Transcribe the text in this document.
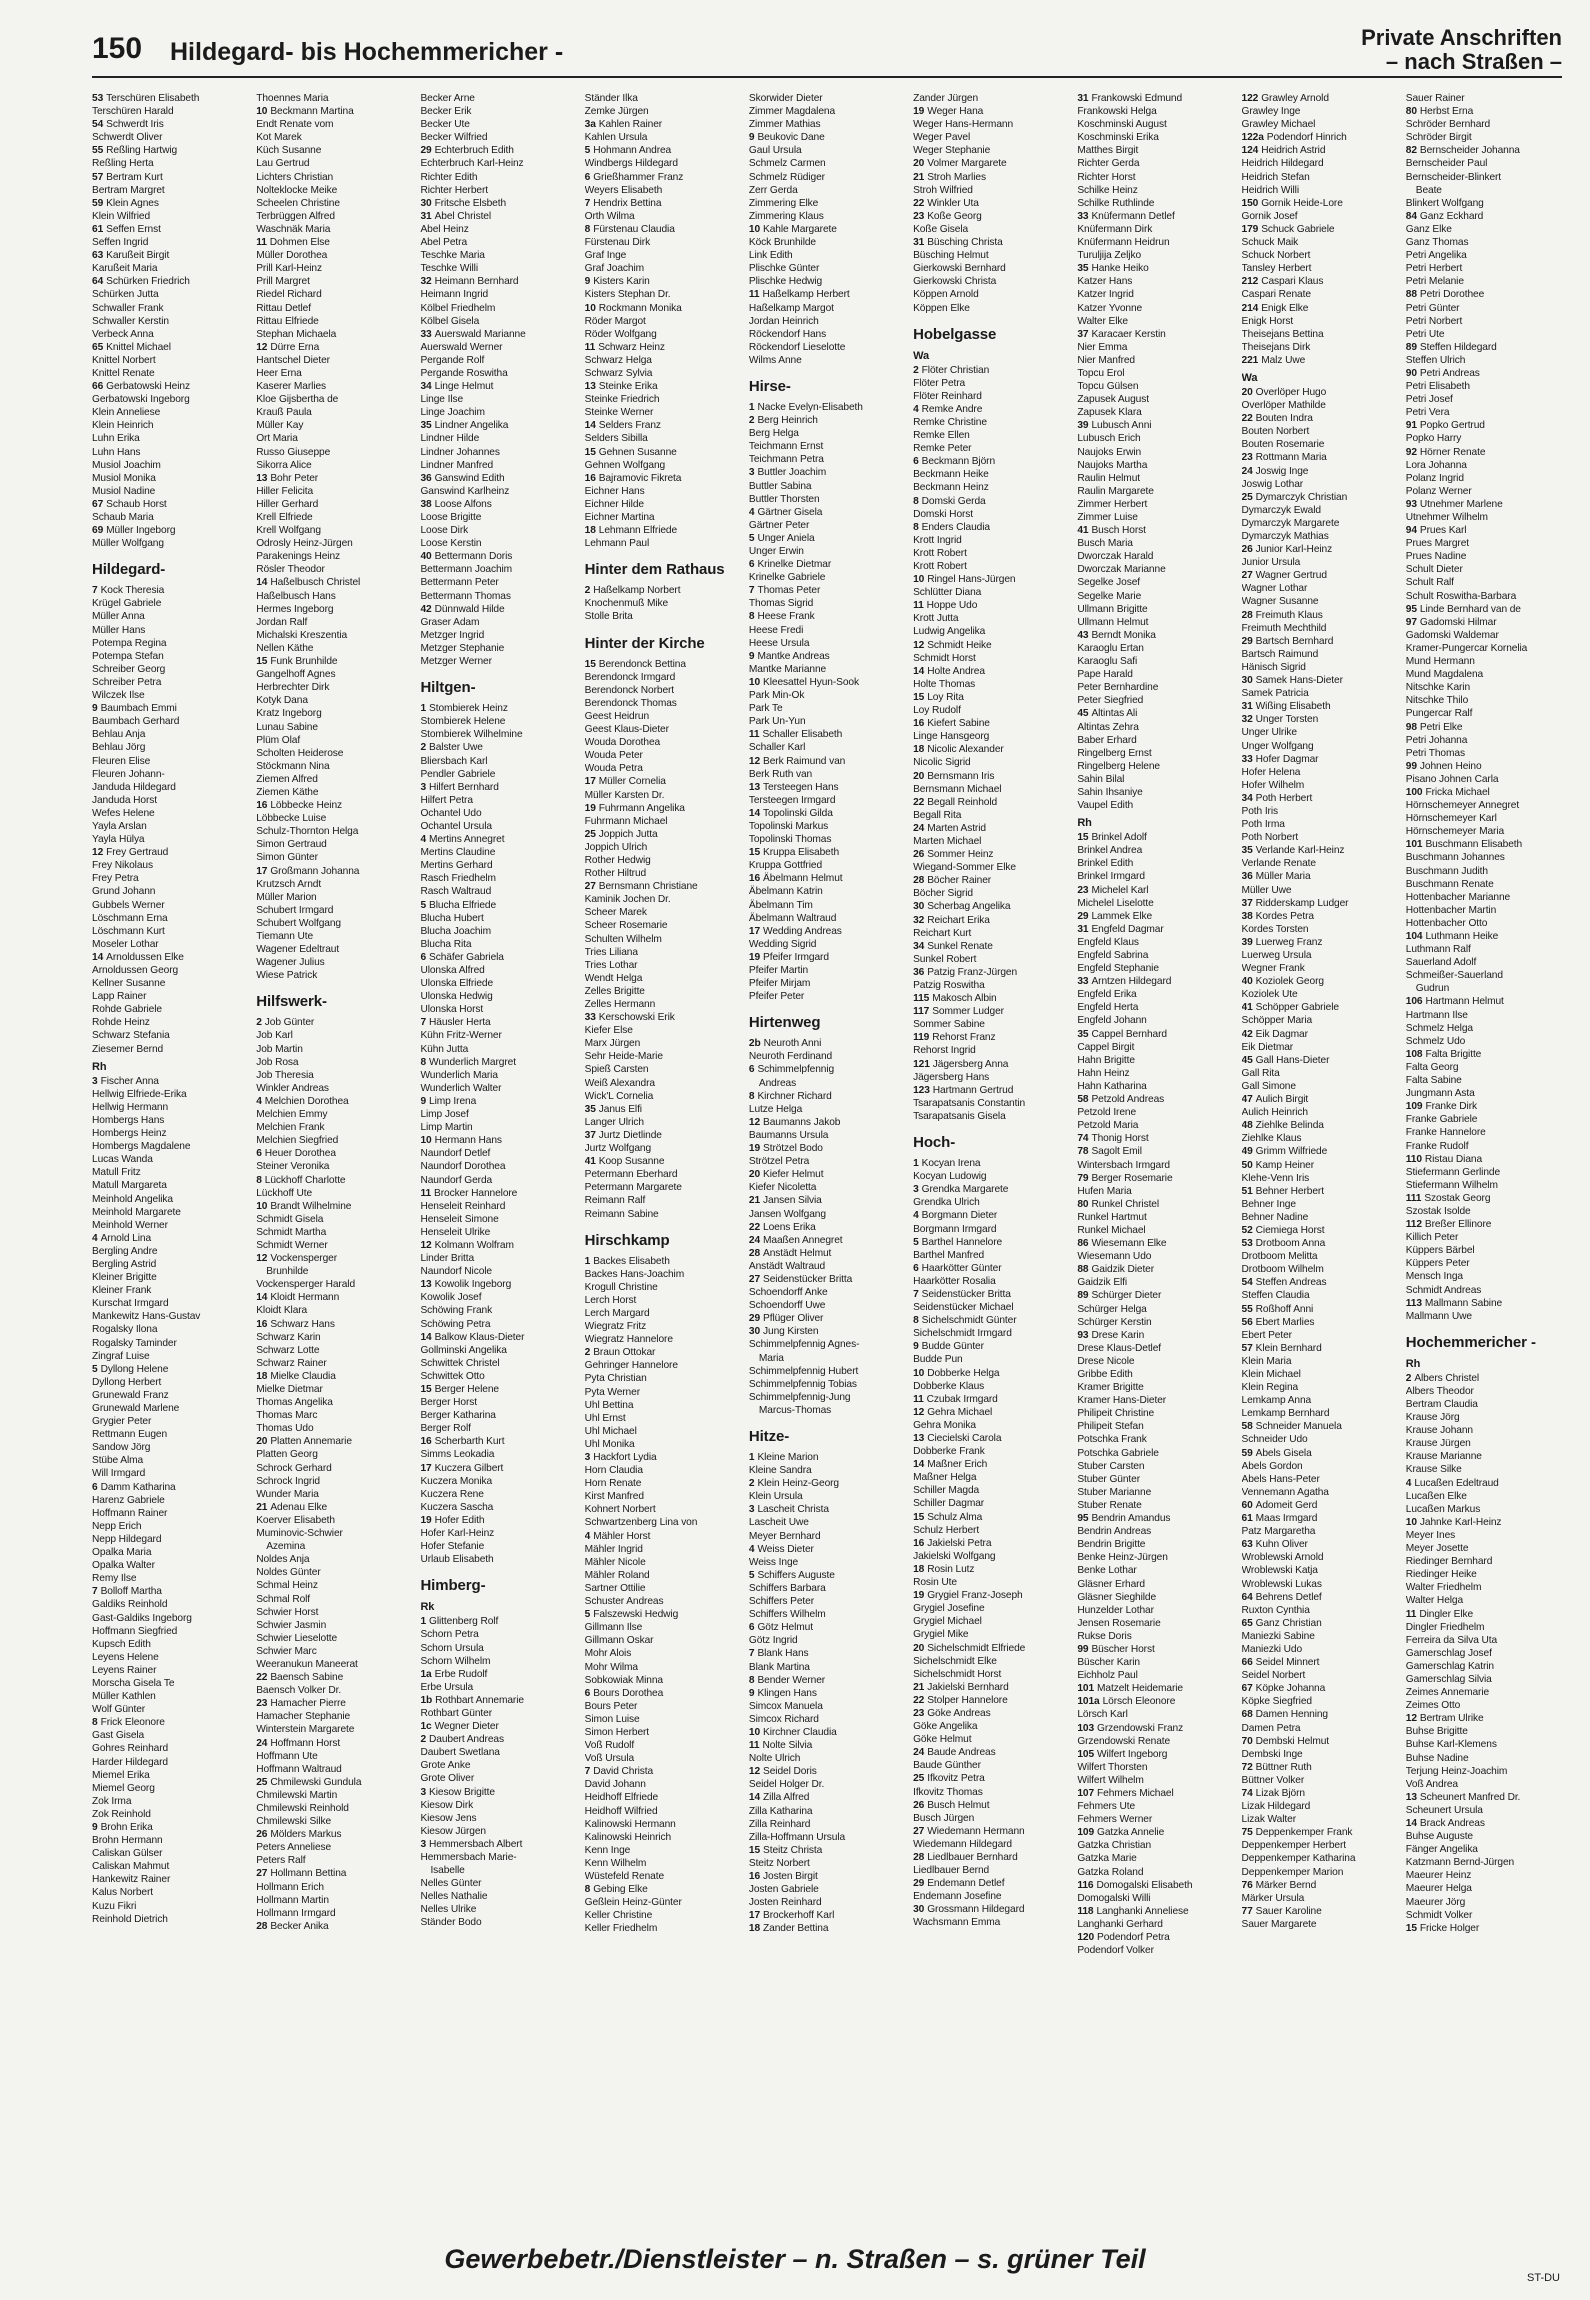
150 Hildegard- bis Hochemmericher -
Private Anschriften
– nach Straßen –
53 Terschüren Elisabeth
Terschüren Harald
54 Schwerdt Iris
Schwerdt Oliver
55 Reßling Hartwig
Reßling Herta
57 Bertram Kurt
Bertram Margret
59 Klein Agnes
Klein Wilfried
61 Seffen Ernst
Seffen Ingrid
63 Karußeit Birgit
Karußeit Maria
64 Schürken Friedrich
Schürken Jutta
Schwaller Frank
Schwaller Kerstin
Verbeck Anna
65 Knittel Michael
Knittel Norbert
Knittel Renate
66 Gerbatowski Heinz
Gerbatowski Ingeborg
Klein Anneliese
Klein Heinrich
Luhn Erika
Luhn Hans
Musiol Joachim
Musiol Monika
Musiol Nadine
67 Schaub Horst
Schaub Maria
69 Müller Ingeborg
Müller Wolfgang
Hildegard-
7 Kock Theresia
Krügel Gabriele
Müller Anna
Müller Hans
Potempa Regina
Potempa Stefan
Schreiber Georg
Schreiber Petra
Wilczek Ilse
9 Baumbach Emmi
Baumbach Gerhard
Behlau Anja
Behlau Jörg
Fleuren Elise
Fleuren Johann-
Janduda Hildegard
Janduda Horst
Wefes Helene
Yayla Arslan
Yayla Hülya
12 Frey Gertraud
Frey Nikolaus
Frey Petra
Grund Johann
Gubbels Werner
Löschmann Erna
Löschmann Kurt
Moseler Lothar
14 Arnoldussen Elke
Arnoldussen Georg
Kellner Susanne
Lapp Rainer
Rohde Gabriele
Rohde Heinz
Schwarz Stefania
Ziesemer Bernd
Rh
3 Fischer Anna
Hellwig Elfriede-Erika
Hellwig Hermann
Hombergs Hans
Hombergs Heinz
Hombergs Magdalene
Lucas Wanda
Matull Fritz
Matull Margareta
Meinhold Angelika
Meinhold Margarete
Meinhold Werner
4 Arnold Lina
Bergling Andre
Bergling Astrid
Kleiner Brigitte
Kleiner Frank
Kurschat Irmgard
Mankewitz Hans-Gustav
Rogalsky Ilona
Rogalsky Taminder
Zingraf Luise
5 Dyllong Helene
Dyllong Herbert
Grunewald Franz
Grunewald Marlene
Grygier Peter
Rettmann Eugen
Sandow Jörg
Stübe Alma
Will Irmgard
6 Damm Katharina
Harenz Gabriele
Hoffmann Rainer
Nepp Erich
Nepp Hildegard
Opalka Maria
Opalka Walter
Remy Ilse
7 Bolloff Martha
Galdiks Reinhold
Gast-Galdiks Ingeborg
Hoffmann Siegfried
Kupsch Edith
Leyens Helene
Leyens Rainer
Morscha Gisela Te
Müller Kathlen
Wolf Günter
8 Frick Eleonore
Gast Gisela
Gohres Reinhard
Harder Hildegard
Miemel Erika
Miemel Georg
Zok Irma
Zok Reinhold
9 Brohn Erika
Brohn Hermann
Caliskan Gülser
Caliskan Mahmut
Hankewitz Rainer
Kalus Norbert
Kuzu Fikri
Reinhold Dietrich
Thoennes Maria
10 Beckmann Martina
Endt Renate vom
Kot Marek
Küch Susanne
Lau Gertrud
Lichters Christian
Nolteklocke Meike
Scheelen Christine
Terbrüggen Alfred
Waschnäk Maria
11 Dohmen Else
Müller Dorothea
Prill Karl-Heinz
Prill Margret
Riedel Richard
Rittau Detlef
Rittau Elfriede
Stephan Michaela
12 Dürre Erna
Hantschel Dieter
Heer Erna
Kaserer Marlies
Kloe Gijsbertha de
Krauß Paula
Müller Kay
Ort Maria
Russo Giuseppe
Sikorra Alice
13 Bohr Peter
Hiller Felicita
Hiller Gerhard
Krell Elfriede
Krell Wolfgang
Odrosly Heinz-Jürgen
Parakenings Heinz
Rösler Theodor
14 Haßelbusch Christel
Haßelbusch Hans
Hermes Ingeborg
Jordan Ralf
Michalski Kreszentia
Nellen Käthe
15 Funk Brunhilde
Gangelhoff Agnes
Herbrechter Dirk
Kotyk Dana
Kratz Ingeborg
Lunau Sabine
Plüm Olaf
Scholten Heiderose
Stöckmann Nina
Ziemen Alfred
Ziemen Käthe
16 Löbbecke Heinz
Löbbecke Luise
Schulz-Thornton Helga
Simon Gertraud
Simon Günter
17 Großmann Johanna
Krutzsch Arndt
Müller Marion
Schubert Irmgard
Schubert Wolfgang
Tiemann Ute
Wagener Edeltraut
Wagener Julius
Wiese Patrick
Hilfswerk-
2 Job Günter
Job Karl
Job Martin
Job Rosa
Job Theresia
Winkler Andreas
4 Melchien Dorothea
Melchien Emmy
Melchien Frank
Melchien Siegfried
6 Heuer Dorothea
Steiner Veronika
8 Lückhoff Charlotte
Lückhoff Ute
10 Brandt Wilhelmine
Schmidt Gisela
Schmidt Martha
Schmidt Werner
12 Vockensperger
Brunhilde
Vockensperger Harald
14 Kloidt Hermann
Kloidt Klara
16 Schwarz Hans
Schwarz Karin
Schwarz Lotte
Schwarz Rainer
18 Mielke Claudia
Mielke Dietmar
Thomas Angelika
Thomas Marc
Thomas Udo
20 Platten Annemarie
Platten Georg
Schrock Gerhard
Schrock Ingrid
Wunder Maria
21 Adenau Elke
Koerver Elisabeth
Muminovic-Schwier
Azemina
Noldes Anja
Noldes Günter
Schmal Heinz
Schmal Rolf
Schwier Horst
Schwier Jasmin
Schwier Lieselotte
Schwier Marc
Weeranukun Maneerat
22 Baensch Sabine
Baensch Volker Dr.
23 Hamacher Pierre
Hamacher Stephanie
Winterstein Margarete
24 Hoffmann Horst
Hoffmann Ute
Hoffmann Waltraud
25 Chmilewski Gundula
Chmilewski Martin
Chmilewski Reinhold
Chmilewski Silke
26 Mölders Markus
Peters Anneliese
Peters Ralf
27 Hollmann Bettina
Hollmann Erich
Hollmann Martin
Hollmann Irmgard
28 Becker Anika
Becker Arne
Becker Erik
Becker Ute
Becker Wilfried
29 Echterbruch Edith
Echterbruch Karl-Heinz
Richter Edith
Richter Herbert
30 Fritsche Elsbeth
31 Abel Christel
Abel Heinz
Abel Petra
Teschke Maria
Teschke Willi
32 Heimann Bernhard
Heimann Ingrid
Kölbel Friedhelm
Kölbel Gisela
33 Auerswald Marianne
Auerswald Werner
Pergande Rolf
Pergande Roswitha
34 Linge Helmut
Linge Ilse
Linge Joachim
35 Lindner Angelika
Lindner Hilde
Lindner Johannes
Lindner Manfred
36 Ganswind Edith
Ganswind Karlheinz
38 Loose Alfons
Loose Brigitte
Loose Dirk
Loose Kerstin
40 Bettermann Doris
Bettermann Joachim
Bettermann Peter
Bettermann Thomas
42 Dünnwald Hilde
Graser Adam
Metzger Ingrid
Metzger Stephanie
Metzger Werner
Hiltgen-
1 Stombierek Heinz
Stombierek Helene
Stombierek Wilhelmine
2 Balster Uwe
Bliersbach Karl
Pendler Gabriele
3 Hilfert Bernhard
Hilfert Petra
Ochantel Udo
Ochantel Ursula
4 Mertins Annegret
Mertins Claudine
Mertins Gerhard
Rasch Friedhelm
Rasch Waltraud
5 Blucha Elfriede
Blucha Hubert
Blucha Joachim
Blucha Rita
6 Schäfer Gabriela
Ulonska Alfred
Ulonska Elfriede
Ulonska Hedwig
Ulonska Horst
7 Häusler Herta
Kühn Fritz-Werner
Kühn Jutta
8 Wunderlich Margret
Wunderlich Maria
Wunderlich Walter
9 Limp Irena
Limp Josef
Limp Martin
10 Hermann Hans
Naundorf Detlef
Naundorf Dorothea
Naundorf Gerda
11 Brocker Hannelore
Henseleit Reinhard
Henseleit Simone
Henseleit Ulrike
12 Kolmann Wolfram
Linder Britta
Naundorf Nicole
13 Kowolik Ingeborg
Kowolik Josef
Schöwing Frank
Schöwing Petra
14 Balkow Klaus-Dieter
Gollminski Angelika
Schwittek Christel
Schwittek Otto
15 Berger Helene
Berger Horst
Berger Katharina
Berger Rolf
16 Scherbarth Kurt
Simms Leokadia
17 Kuczera Gilbert
Kuczera Monika
Kuczera Rene
Kuczera Sascha
19 Hofer Edith
Hofer Karl-Heinz
Hofer Stefanie
Urlaub Elisabeth
Himberg-
Rk
1 Glittenberg Rolf
Schorn Petra
Schorn Ursula
Schorn Wilhelm
1a Erbe Rudolf
Erbe Ursula
1b Rothbart Annemarie
Rothbart Günter
1c Wegner Dieter
2 Daubert Andreas
Daubert Swetlana
Grote Anke
Grote Oliver
3 Kiesow Brigitte
Kiesow Dirk
Kiesow Jens
Kiesow Jürgen
3 Hemmersbach Albert
Hemmersbach Marie-
Isabelle
Nelles Günter
Nelles Nathalie
Nelles Ulrike
Ständer Bodo
Ständer Ilka
Zemke Jürgen
3a Kahlen Rainer
Kahlen Ursula
5 Hohmann Andrea
Windbergs Hildegard
6 Grießhammer Franz
Weyers Elisabeth
7 Hendrix Bettina
Orth Wilma
8 Fürstenau Claudia
Fürstenau Dirk
Graf Inge
Graf Joachim
9 Kisters Karin
Kisters Stephan Dr.
10 Rockmann Monika
Röder Margot
Röder Wolfgang
11 Schwarz Heinz
Schwarz Helga
Schwarz Sylvia
13 Steinke Erika
Steinke Friedrich
Steinke Werner
14 Selders Franz
Selders Sibilla
15 Gehnen Susanne
Gehnen Wolfgang
16 Bajramovic Fikreta
Eichner Hans
Eichner Hilde
Eichner Martina
18 Lehmann Elfriede
Lehmann Paul
Hinter dem Rathaus
2 Haßelkamp Norbert
Knochenmuß Mike
Stolle Brita
Hinter der Kirche
15 Berendonck Bettina
Berendonck Irmgard
Berendonck Norbert
Berendonck Thomas
Geest Heidrun
Geest Klaus-Dieter
Wouda Dorothea
Wouda Peter
Wouda Petra
17 Müller Cornelia
Müller Karsten Dr.
19 Fuhrmann Angelika
Fuhrmann Michael
25 Joppich Jutta
Joppich Ulrich
Rother Hedwig
Rother Hiltrud
27 Bernsmann Christiane
Kaminik Jochen Dr.
Scheer Marek
Scheer Rosemarie
Schulten Wilhelm
Tries Liliana
Tries Lothar
Wendt Helga
Zelles Brigitte
Zelles Hermann
33 Kerschowski Erik
Kiefer Else
Marx Jürgen
Sehr Heide-Marie
Spieß Carsten
Weiß Alexandra
Wick'L Cornelia
35 Janus Elfi
Langer Ulrich
37 Jurtz Dietlinde
Jurtz Wolfgang
41 Koop Susanne
Petermann Eberhard
Petermann Margarete
Reimann Ralf
Reimann Sabine
Hirschkamp
1 Backes Elisabeth
Backes Hans-Joachim
Krogull Christine
Lerch Horst
Lerch Margard
Wiegratz Fritz
Wiegratz Hannelore
2 Braun Ottokar
Gehringer Hannelore
Pyta Christian
Pyta Werner
Uhl Bettina
Uhl Ernst
Uhl Michael
Uhl Monika
3 Hackfort Lydia
Horn Claudia
Horn Renate
Kirst Manfred
Kohnert Norbert
Schwartzenberg Lina von
4 Mähler Horst
Mähler Ingrid
Mähler Nicole
Mähler Roland
Sartner Ottilie
Schuster Andreas
5 Falszewski Hedwig
Gillmann Ilse
Gillmann Oskar
Mohr Alois
Mohr Wilma
Sobkowiak Minna
6 Bours Dorothea
Bours Peter
Simon Luise
Simon Herbert
Voß Rudolf
Voß Ursula
7 David Christa
David Johann
Heidhoff Elfriede
Heidhoff Wilfried
Kalinowski Hermann
Kalinowski Heinrich
Kenn Inge
Kenn Wilhelm
Wüstefeld Renate
8 Gebing Elke
Geßlein Heinz-Günter
Keller Christine
Keller Friedhelm
Skorwider Dieter
Zimmer Magdalena
Zimmer Mathias
9 Beukovic Dane
Gaul Ursula
Schmelz Carmen
Schmelz Rüdiger
Zerr Gerda
Zimmering Elke
Zimmering Klaus
10 Kahle Margarete
Köck Brunhilde
Link Edith
Plischke Günter
Plischke Hedwig
11 Haßelkamp Herbert
Haßelkamp Margot
Jordan Heinrich
Röckendorf Hans
Röckendorf Lieselotte
Wilms Anne
Hirse-
1 Nacke Evelyn-Elisabeth
2 Berg Heinrich
Berg Helga
Teichmann Ernst
Teichmann Petra
3 Buttler Joachim
Buttler Sabina
Buttler Thorsten
4 Gärtner Gisela
Gärtner Peter
5 Unger Aniela
Unger Erwin
6 Krinelke Dietmar
Krinelke Gabriele
7 Thomas Peter
Thomas Sigrid
8 Heese Frank
Heese Fredi
Heese Ursula
9 Mantke Andreas
Mantke Marianne
10 Kleesattel Hyun-Sook
Park Min-Ok
Park Te
Park Un-Yun
11 Schaller Elisabeth
Schaller Karl
12 Berk Raimund van
Berk Ruth van
13 Tersteegen Hans
Tersteegen Irmgard
14 Topolinski Gilda
Topolinski Markus
Topolinski Thomas
15 Kruppa Elisabeth
Kruppa Gottfried
16 Äbelmann Helmut
Äbelmann Katrin
Äbelmann Tim
Äbelmann Waltraud
17 Wedding Andreas
Wedding Sigrid
19 Pfeifer Irmgard
Pfeifer Martin
Pfeifer Mirjam
Pfeifer Peter
Hirtenweg
2b Neuroth Anni
Neuroth Ferdinand
6 Schimmelpfennig
Andreas
8 Kirchner Richard
Lutze Helga
12 Baumanns Jakob
Baumanns Ursula
19 Strötzel Bodo
Strötzel Petra
20 Kiefer Helmut
Kiefer Nicoletta
21 Jansen Silvia
Jansen Wolfgang
22 Loens Erika
24 Maaßen Annegret
28 Anstädt Helmut
Anstädt Waltraud
27 Seidenstücker Britta
Schoendorff Anke
Schoendorff Uwe
29 Pflüger Oliver
30 Jung Kirsten
Schimmelpfennig Agnes-
Maria
Schimmelpfennig Hubert
Schimmelpfennig Tobias
Schimmelpfennig-Jung
Marcus-Thomas
Hitze-
1 Kleine Marion
Kleine Sandra
2 Klein Heinz-Georg
Klein Ursula
3 Lascheit Christa
Lascheit Uwe
Meyer Bernhard
4 Weiss Dieter
Weiss Inge
5 Schiffers Auguste
Schiffers Barbara
Schiffers Peter
Schiffers Wilhelm
6 Götz Helmut
Götz Ingrid
7 Blank Hans
Blank Martina
8 Bender Werner
9 Klingen Hans
Simcox Manuela
Simcox Richard
10 Kirchner Claudia
11 Nolte Silvia
Nolte Ulrich
12 Seidel Doris
Seidel Holger Dr.
14 Zilla Alfred
Zilla Katharina
Zilla Reinhard
Zilla-Hoffmann Ursula
15 Steitz Christa
Steitz Norbert
16 Josten Birgit
Josten Gabriele
Josten Reinhard
17 Brockerhoff Karl
18 Zander Bettina
Zander Jürgen
19 Weger Hana
Weger Hans-Hermann
Weger Pavel
Weger Stephanie
20 Volmer Margarete
21 Stroh Marlies
Stroh Wilfried
22 Winkler Uta
23 Koße Georg
Koße Gisela
31 Büsching Christa
Büsching Helmut
Gierkowski Bernhard
Gierkowski Christa
Köppen Arnold
Köppen Elke
Hobelgasse
Wa
2 Flöter Christian
Flöter Petra
Flöter Reinhard
4 Remke Andre
Remke Christine
Remke Ellen
Remke Peter
6 Beckmann Björn
Beckmann Heike
Beckmann Heinz
8 Domski Gerda
Domski Horst
8 Enders Claudia
Krott Ingrid
Krott Robert
Krott Robert
10 Ringel Hans-Jürgen
Schlütter Diana
11 Hoppe Udo
Krott Jutta
Ludwig Angelika
12 Schmidt Heike
Schmidt Horst
14 Holte Andrea
Holte Thomas
15 Loy Rita
Loy Rudolf
16 Kiefert Sabine
Linge Hansgeorg
18 Nicolic Alexander
Nicolic Sigrid
20 Bernsmann Iris
Bernsmann Michael
22 Begall Reinhold
Begall Rita
24 Marten Astrid
Marten Michael
26 Sommer Heinz
Wiegand-Sommer Elke
28 Böcher Rainer
Böcher Sigrid
30 Scherbag Angelika
32 Reichart Erika
Reichart Kurt
34 Sunkel Renate
Sunkel Robert
36 Patzig Franz-Jürgen
Patzig Roswitha
115 Makosch Albin
117 Sommer Ludger
Sommer Sabine
119 Rehorst Franz
Rehorst Ingrid
121 Jägersberg Anna
Jägersberg Hans
123 Hartmann Gertrud
Tsarapatsanis Constantin
Tsarapatsanis Gisela
Hoch-
1 Kocyan Irena
Kocyan Ludowig
3 Grendka Margarete
Grendka Ulrich
4 Borgmann Dieter
Borgmann Irmgard
5 Barthel Hannelore
Barthel Manfred
6 Haarkötter Günter
Haarkötter Rosalia
7 Seidenstücker Britta
Seidenstücker Michael
8 Sichelschmidt Günter
Sichelschmidt Irmgard
9 Budde Günter
Budde Pun
10 Dobberke Helga
Dobberke Klaus
11 Czubak Irmgard
12 Gehra Michael
Gehra Monika
13 Ciecielski Carola
Dobberke Frank
14 Maßner Erich
Maßner Helga
Schiller Magda
Schiller Dagmar
15 Schulz Alma
Schulz Herbert
16 Jakielski Petra
Jakielski Wolfgang
18 Rosin Lutz
Rosin Ute
19 Grygiel Franz-Joseph
Grygiel Josefine
Grygiel Michael
Grygiel Mike
20 Sichelschmidt Elfriede
Sichelschmidt Elke
Sichelschmidt Horst
21 Jakielski Bernhard
22 Stolper Hannelore
23 Göke Andreas
Göke Angelika
Göke Helmut
24 Baude Andreas
Baude Günther
25 Ifkovitz Petra
Ifkovitz Thomas
26 Busch Helmut
Busch Jürgen
27 Wiedemann Hermann
Wiedemann Hildegard
28 Liedlbauer Bernhard
Liedlbauer Bernd
29 Endemann Detlef
Endemann Josefine
30 Grossmann Hildegard
Wachsmann Emma
31 Frankowski Edmund
Frankowski Helga
Koschminski August
Koschminski Erika
Matthes Birgit
Richter Gerda
Richter Horst
Schilke Heinz
Schilke Ruthlinde
33 Knüfermann Detlef
Knüfermann Dirk
Knüfermann Heidrun
Turuljija Zeljko
35 Hanke Heiko
Katzer Hans
Katzer Ingrid
Katzer Yvonne
Walter Elke
37 Karacaer Kerstin
Nier Emma
Nier Manfred
Topcu Erol
Topcu Gülsen
Zapusek August
Zapusek Klara
39 Lubusch Anni
Lubusch Erich
Naujoks Erwin
Naujoks Martha
Raulin Helmut
Raulin Margarete
Zimmer Herbert
Zimmer Luise
41 Busch Horst
Busch Maria
Dworczak Harald
Dworczak Marianne
Segelke Josef
Segelke Marie
Ullmann Brigitte
Ullmann Helmut
43 Berndt Monika
Karaoglu Ertan
Karaoglu Safi
Pape Harald
Peter Bernhardine
Peter Siegfried
45 Altintas Ali
Altintas Zehra
Baber Erhard
Ringelberg Ernst
Ringelberg Helene
Sahin Bilal
Sahin Ihsaniye
Vaupel Edith
Rh
15 Brinkel Adolf
Brinkel Andrea
Brinkel Edith
Brinkel Irmgard
23 Michelel Karl
Michelel Liselotte
29 Lammek Elke
31 Engfeld Dagmar
Engfeld Klaus
Engfeld Sabrina
Engfeld Stephanie
33 Arntzen Hildegard
Engfeld Erika
Engfeld Herta
Engfeld Johann
35 Cappel Bernhard
Cappel Birgit
Hahn Brigitte
Hahn Heinz
Hahn Katharina
58 Petzold Andreas
Petzold Irene
Petzold Maria
74 Thonig Horst
78 Sagolt Emil
Wintersbach Irmgard
79 Berger Rosemarie
Hufen Maria
80 Runkel Christel
Runkel Hartmut
Runkel Michael
86 Wiesemann Elke
Wiesemann Udo
88 Gaidzik Dieter
Gaidzik Elfi
89 Schürger Dieter
Schürger Helga
Schürger Kerstin
93 Drese Karin
Drese Klaus-Detlef
Drese Nicole
Gribbe Edith
Kramer Brigitte
Kramer Hans-Dieter
Philipeit Christine
Philipeit Stefan
Potschka Frank
Potschka Gabriele
Stuber Carsten
Stuber Günter
Stuber Marianne
Stuber Renate
95 Bendrin Amandus
Bendrin Andreas
Bendrin Brigitte
Benke Heinz-Jürgen
Benke Lothar
Gläsner Erhard
Gläsner Sieghilde
Hunzelder Lothar
Jensen Rosemarie
Rukse Doris
99 Büscher Horst
Büscher Karin
Eichholz Paul
101 Matzelt Heidemarie
101a Lörsch Eleonore
Lörsch Karl
103 Grzendowski Franz
Grzendowski Renate
105 Wilfert Ingeborg
Wilfert Thorsten
Wilfert Wilhelm
107 Fehmers Michael
Fehmers Ute
Fehmers Werner
109 Gatzka Annelie
Gatzka Christian
Gatzka Marie
Gatzka Roland
116 Domogalski Elisabeth
Domogalski Willi
118 Langhanki Anneliese
Langhanki Gerhard
120 Podendorf Petra
Podendorf Volker
122 Grawley Arnold
Grawley Inge
Grawley Michael
122a Podendorf Hinrich
124 Heidrich Astrid
Heidrich Hildegard
Heidrich Stefan
Heidrich Willi
150 Gornik Heide-Lore
Gornik Josef
179 Schuck Gabriele
Schuck Maik
Schuck Norbert
Tansley Herbert
212 Caspari Klaus
Caspari Renate
214 Enigk Elke
Enigk Horst
Theisejans Bettina
Theisejans Dirk
221 Malz Uwe
Wa
20 Overlöper Hugo
Overlöper Mathilde
22 Bouten Indra
Bouten Norbert
Bouten Rosemarie
23 Rottmann Maria
24 Joswig Inge
Joswig Lothar
25 Dymarczyk Christian
Dymarczyk Ewald
Dymarczyk Margarete
Dymarczyk Mathias
26 Junior Karl-Heinz
Junior Ursula
27 Wagner Gertrud
Wagner Lothar
Wagner Susanne
28 Freimuth Klaus
Freimuth Mechthild
29 Bartsch Bernhard
Bartsch Raimund
Hänisch Sigrid
30 Samek Hans-Dieter
Samek Patricia
31 Wißing Elisabeth
32 Unger Torsten
Unger Ulrike
Unger Wolfgang
33 Hofer Dagmar
Hofer Helena
Hofer Wilhelm
34 Poth Herbert
Poth Iris
Poth Irma
Poth Norbert
35 Verlande Karl-Heinz
Verlande Renate
36 Müller Maria
Müller Uwe
37 Ridderskamp Ludger
38 Kordes Petra
Kordes Torsten
39 Luerweg Franz
Luerweg Ursula
Wegner Frank
40 Koziolek Georg
Koziolek Ute
41 Schöpper Gabriele
Schöpper Maria
42 Eik Dagmar
Eik Dietmar
45 Gall Hans-Dieter
Gall Rita
Gall Simone
47 Aulich Birgit
Aulich Heinrich
48 Ziehlke Belinda
Ziehlke Klaus
49 Grimm Wilfriede
50 Kamp Heiner
Klehe-Venn Iris
51 Behner Herbert
Behner Inge
Behner Nadine
52 Ciemiega Horst
53 Drotboom Anna
Drotboom Melitta
Drotboom Wilhelm
54 Steffen Andreas
Steffen Claudia
55 Roßhoff Anni
56 Ebert Marlies
Ebert Peter
57 Klein Bernhard
Klein Maria
Klein Michael
Klein Regina
Lemkamp Anna
Lemkamp Bernhard
58 Schneider Manuela
Schneider Udo
59 Abels Gisela
Abels Gordon
Abels Hans-Peter
Vennemann Agatha
60 Adomeit Gerd
61 Maas Irmgard
Patz Margaretha
63 Kuhn Oliver
Wroblewski Arnold
Wroblewski Katja
Wroblewski Lukas
64 Behrens Detlef
Ruxton Cynthia
65 Ganz Christian
Maniezki Sabine
Maniezki Udo
66 Seidel Minnert
Seidel Norbert
67 Köpke Johanna
Köpke Siegfried
68 Damen Henning
Damen Petra
70 Dembski Helmut
Dembski Inge
72 Büttner Ruth
Büttner Volker
74 Lizak Björn
Lizak Hildegard
Lizak Walter
75 Deppenkemper Frank
Deppenkemper Herbert
Deppenkemper Katharina
Deppenkemper Marion
76 Märker Bernd
Märker Ursula
77 Sauer Karoline
Sauer Margarete
Sauer Rainer
80 Herbst Erna
Schröder Bernhard
Schröder Birgit
82 Bernscheider Johanna
Bernscheider Paul
Bernscheider-Blinkert
Beate
Blinkert Wolfgang
84 Ganz Eckhard
Ganz Elke
Ganz Thomas
Petri Angelika
Petri Herbert
Petri Melanie
88 Petri Dorothee
Petri Günter
Petri Norbert
Petri Ute
89 Steffen Hildegard
Steffen Ulrich
90 Petri Andreas
Petri Elisabeth
Petri Josef
Petri Vera
91 Popko Gertrud
Popko Harry
92 Hörner Renate
Lora Johanna
Polanz Ingrid
Polanz Werner
93 Utnehmer Marlene
Utnehmer Wilhelm
94 Prues Karl
Prues Margret
Prues Nadine
Schult Dieter
Schult Ralf
Schult Roswitha-Barbara
95 Linde Bernhard van de
97 Gadomski Hilmar
Gadomski Waldemar
Kramer-Pungercar Kornelia
Mund Hermann
Mund Magdalena
Nitschke Karin
Nitschke Thilo
Pungercar Ralf
98 Petri Elke
Petri Johanna
Petri Thomas
99 Johnen Heino
Pisano Johnen Carla
100 Fricka Michael
Hörnschemeyer Annegret
Hörnschemeyer Karl
Hörnschemeyer Maria
101 Buschmann Elisabeth
Buschmann Johannes
Buschmann Judith
Buschmann Renate
Hottenbacher Marianne
Hottenbacher Martin
Hottenbacher Otto
104 Luthmann Heike
Luthmann Ralf
Sauerland Adolf
Schmeißer-Sauerland
Gudrun
106 Hartmann Helmut
Hartmann Ilse
Schmelz Helga
Schmelz Udo
108 Falta Brigitte
Falta Georg
Falta Sabine
Jungmann Asta
109 Franke Dirk
Franke Gabriele
Franke Hannelore
Franke Rudolf
110 Ristau Diana
Stiefermann Gerlinde
Stiefermann Wilhelm
111 Szostak Georg
Szostak Isolde
112 Breßer Ellinore
Killich Peter
Küppers Bärbel
Küppers Peter
Mensch Inga
Schmidt Andreas
113 Mallmann Sabine
Mallmann Uwe
Hochemmericher -
Rh
2 Albers Christel
Albers Theodor
Bertram Claudia
Krause Jörg
Krause Johann
Krause Jürgen
Krause Marianne
Krause Silke
4 Lucaßen Edeltraud
Lucaßen Elke
Lucaßen Markus
10 Jahnke Karl-Heinz
Meyer Ines
Meyer Josette
Riedinger Bernhard
Riedinger Heike
Walter Friedhelm
Walter Helga
11 Dingler Elke
Dingler Friedhelm
Ferreira da Silva Uta
Gamerschlag Josef
Gamerschlag Katrin
Gamerschlag Silvia
Zeimes Annemarie
Zeimes Otto
12 Bertram Ulrike
Buhse Brigitte
Buhse Karl-Klemens
Buhse Nadine
Terjung Heinz-Joachim
Voß Andrea
13 Scheunert Manfred Dr.
Scheunert Ursula
14 Brack Andreas
Buhse Auguste
Fänger Angelika
Katzmann Bernd-Jürgen
Maeurer Heinz
Maeurer Helga
Maeurer Jörg
Schmidt Volker
15 Fricke Holger
Gewerbebetr./Dienstleister – n. Straßen – s. grüner Teil
ST-DU
